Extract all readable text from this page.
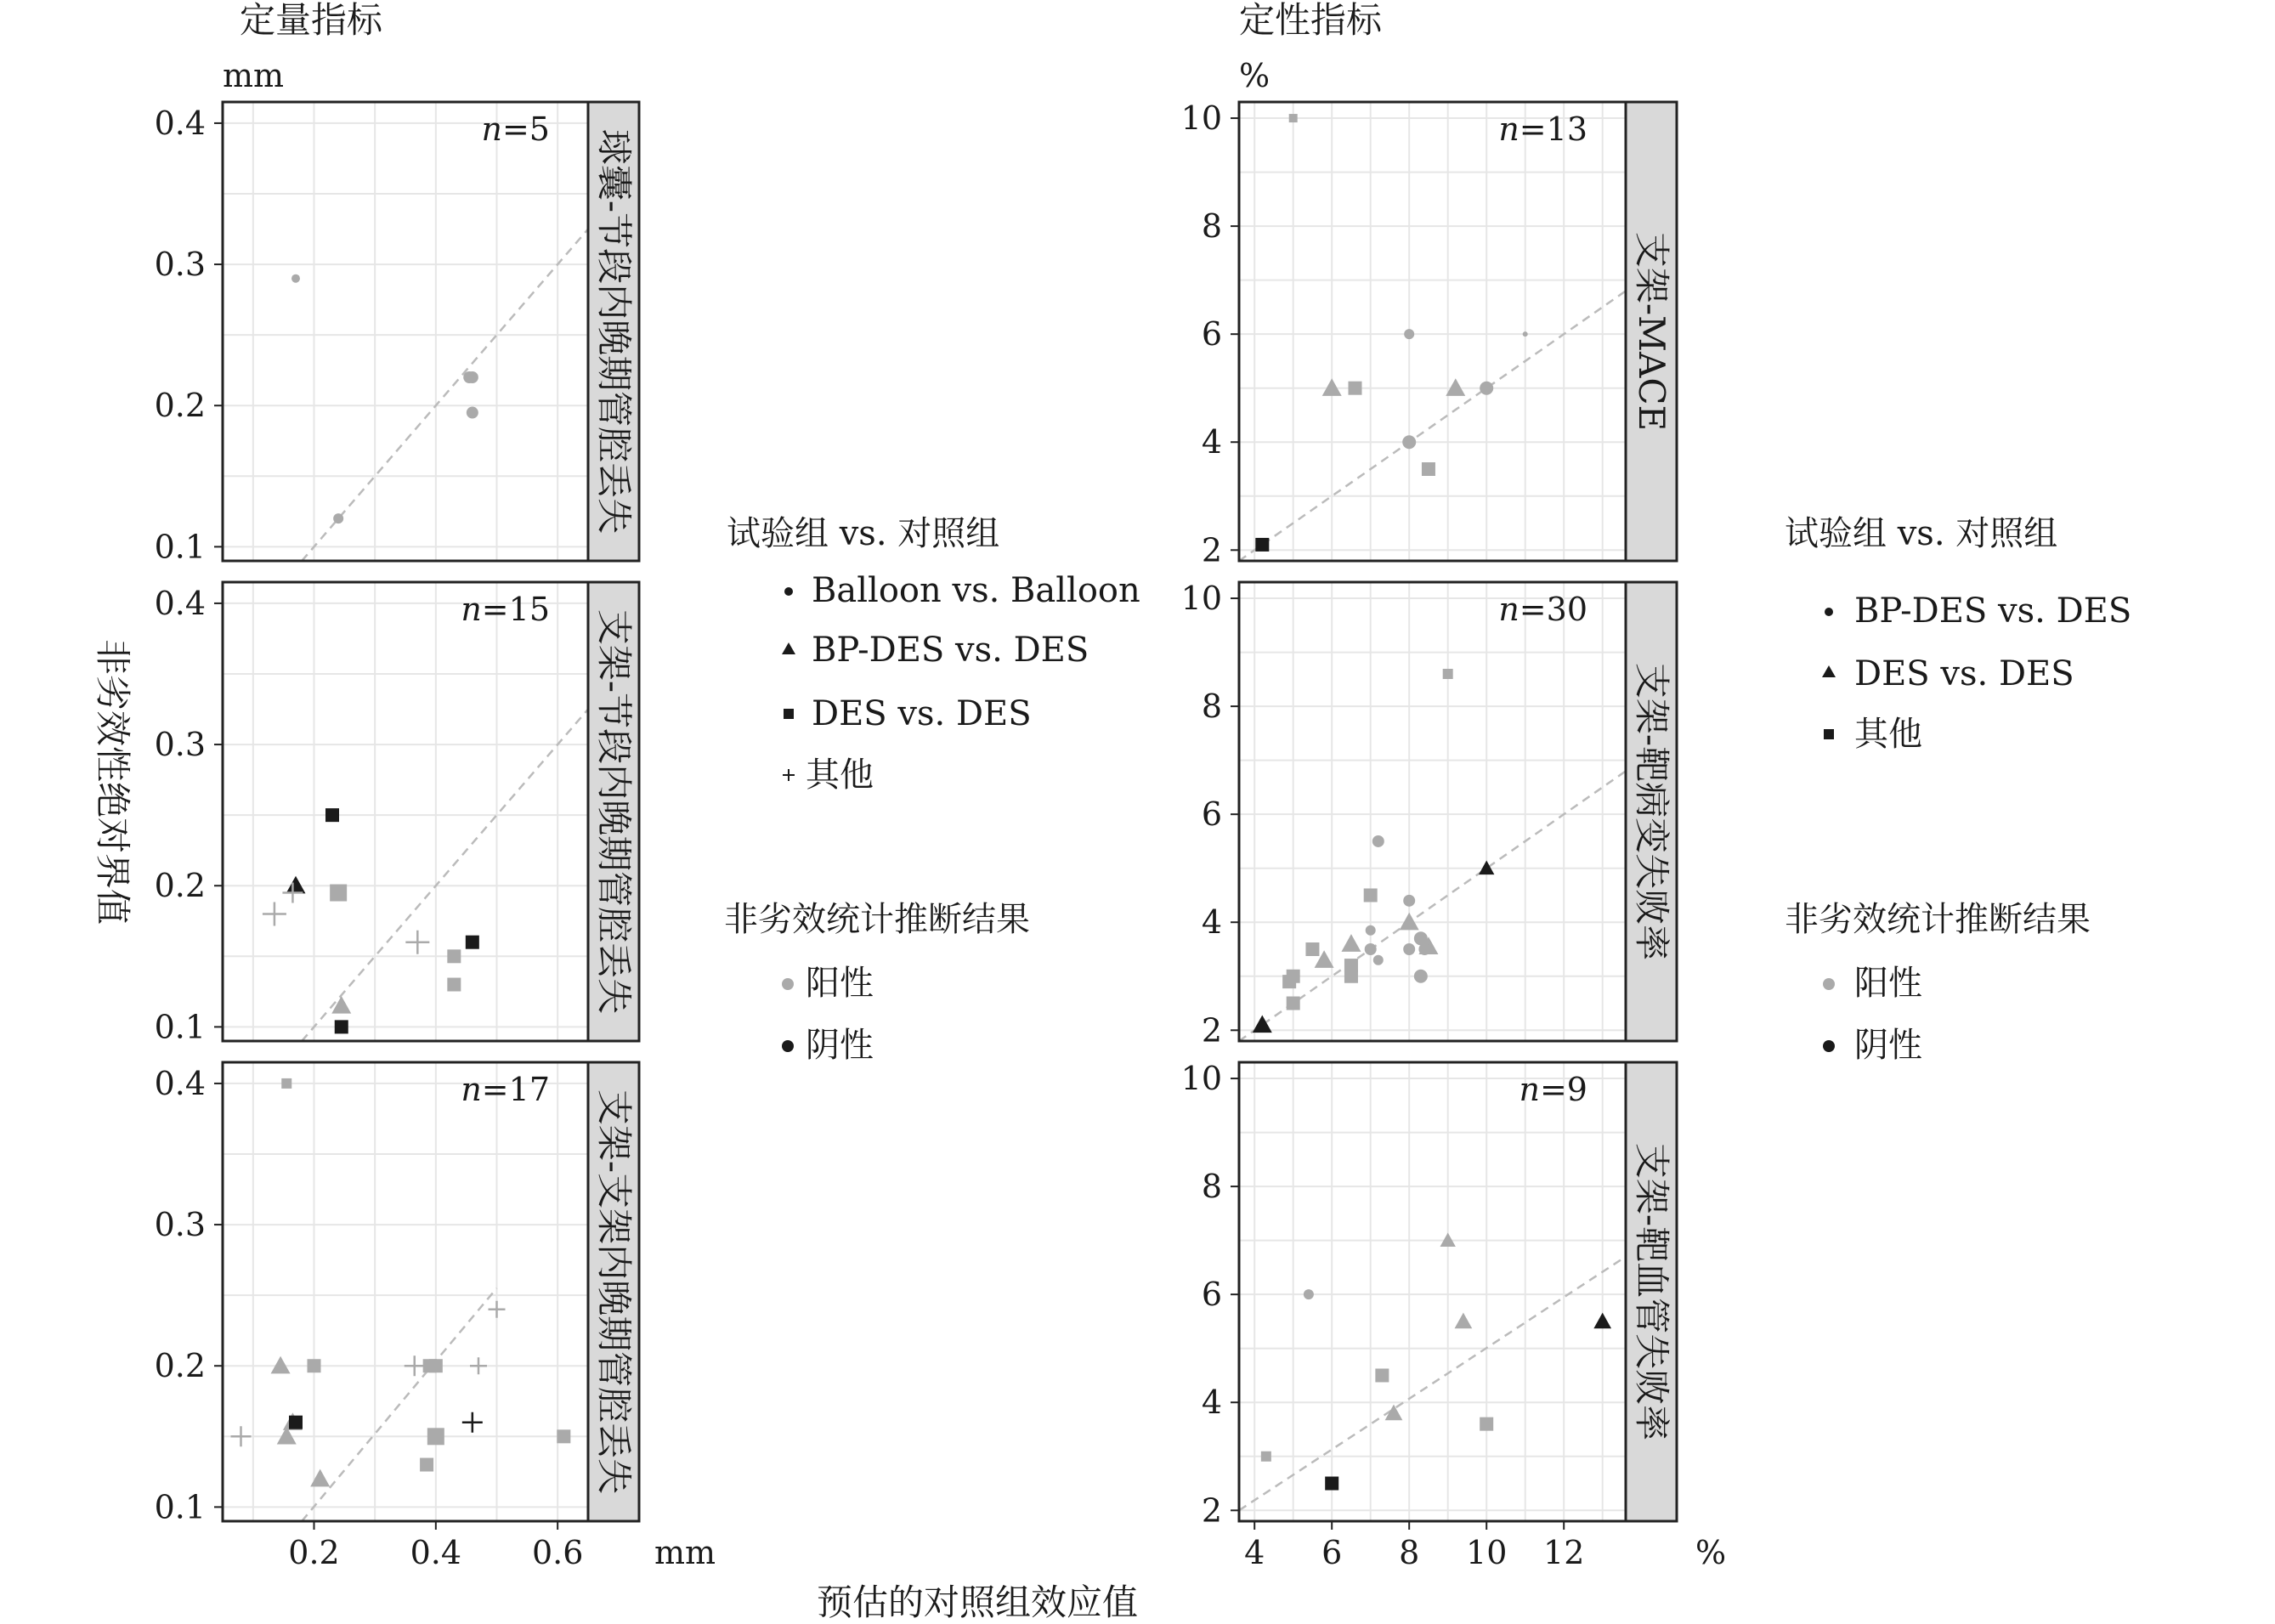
定量指标	定性指标
mm	%
mm	%
非劣效性绝对界值
预估的对照组效应值
试验组 vs. 对照组
Balloon vs. Balloon
BP-DES vs. DES
DES vs. DES
其他
非劣效统计推断结果
阳性
阴性
试验组 vs. 对照组
BP-DES vs. DES
DES vs. DES
其他
非劣效统计推断结果
阳性
阴性
球囊-节段内晚期管腔丢失
n=5
0.1
0.2
0.3
0.4
支架-节段内晚期管腔丢失
n=15
0.1
0.2
0.3
0.4
支架-支架内晚期管腔丢失
n=17
0.1
0.2
0.3
0.4
0.2 0.4 0.6
支架-MACE
n=13
2
4
6
8
10
支架-靶病变失败率
n=30
2
4
6
8
10
支架-靶血管失败率
n=9
2
4
6
8
10
4 6 8 10 12
